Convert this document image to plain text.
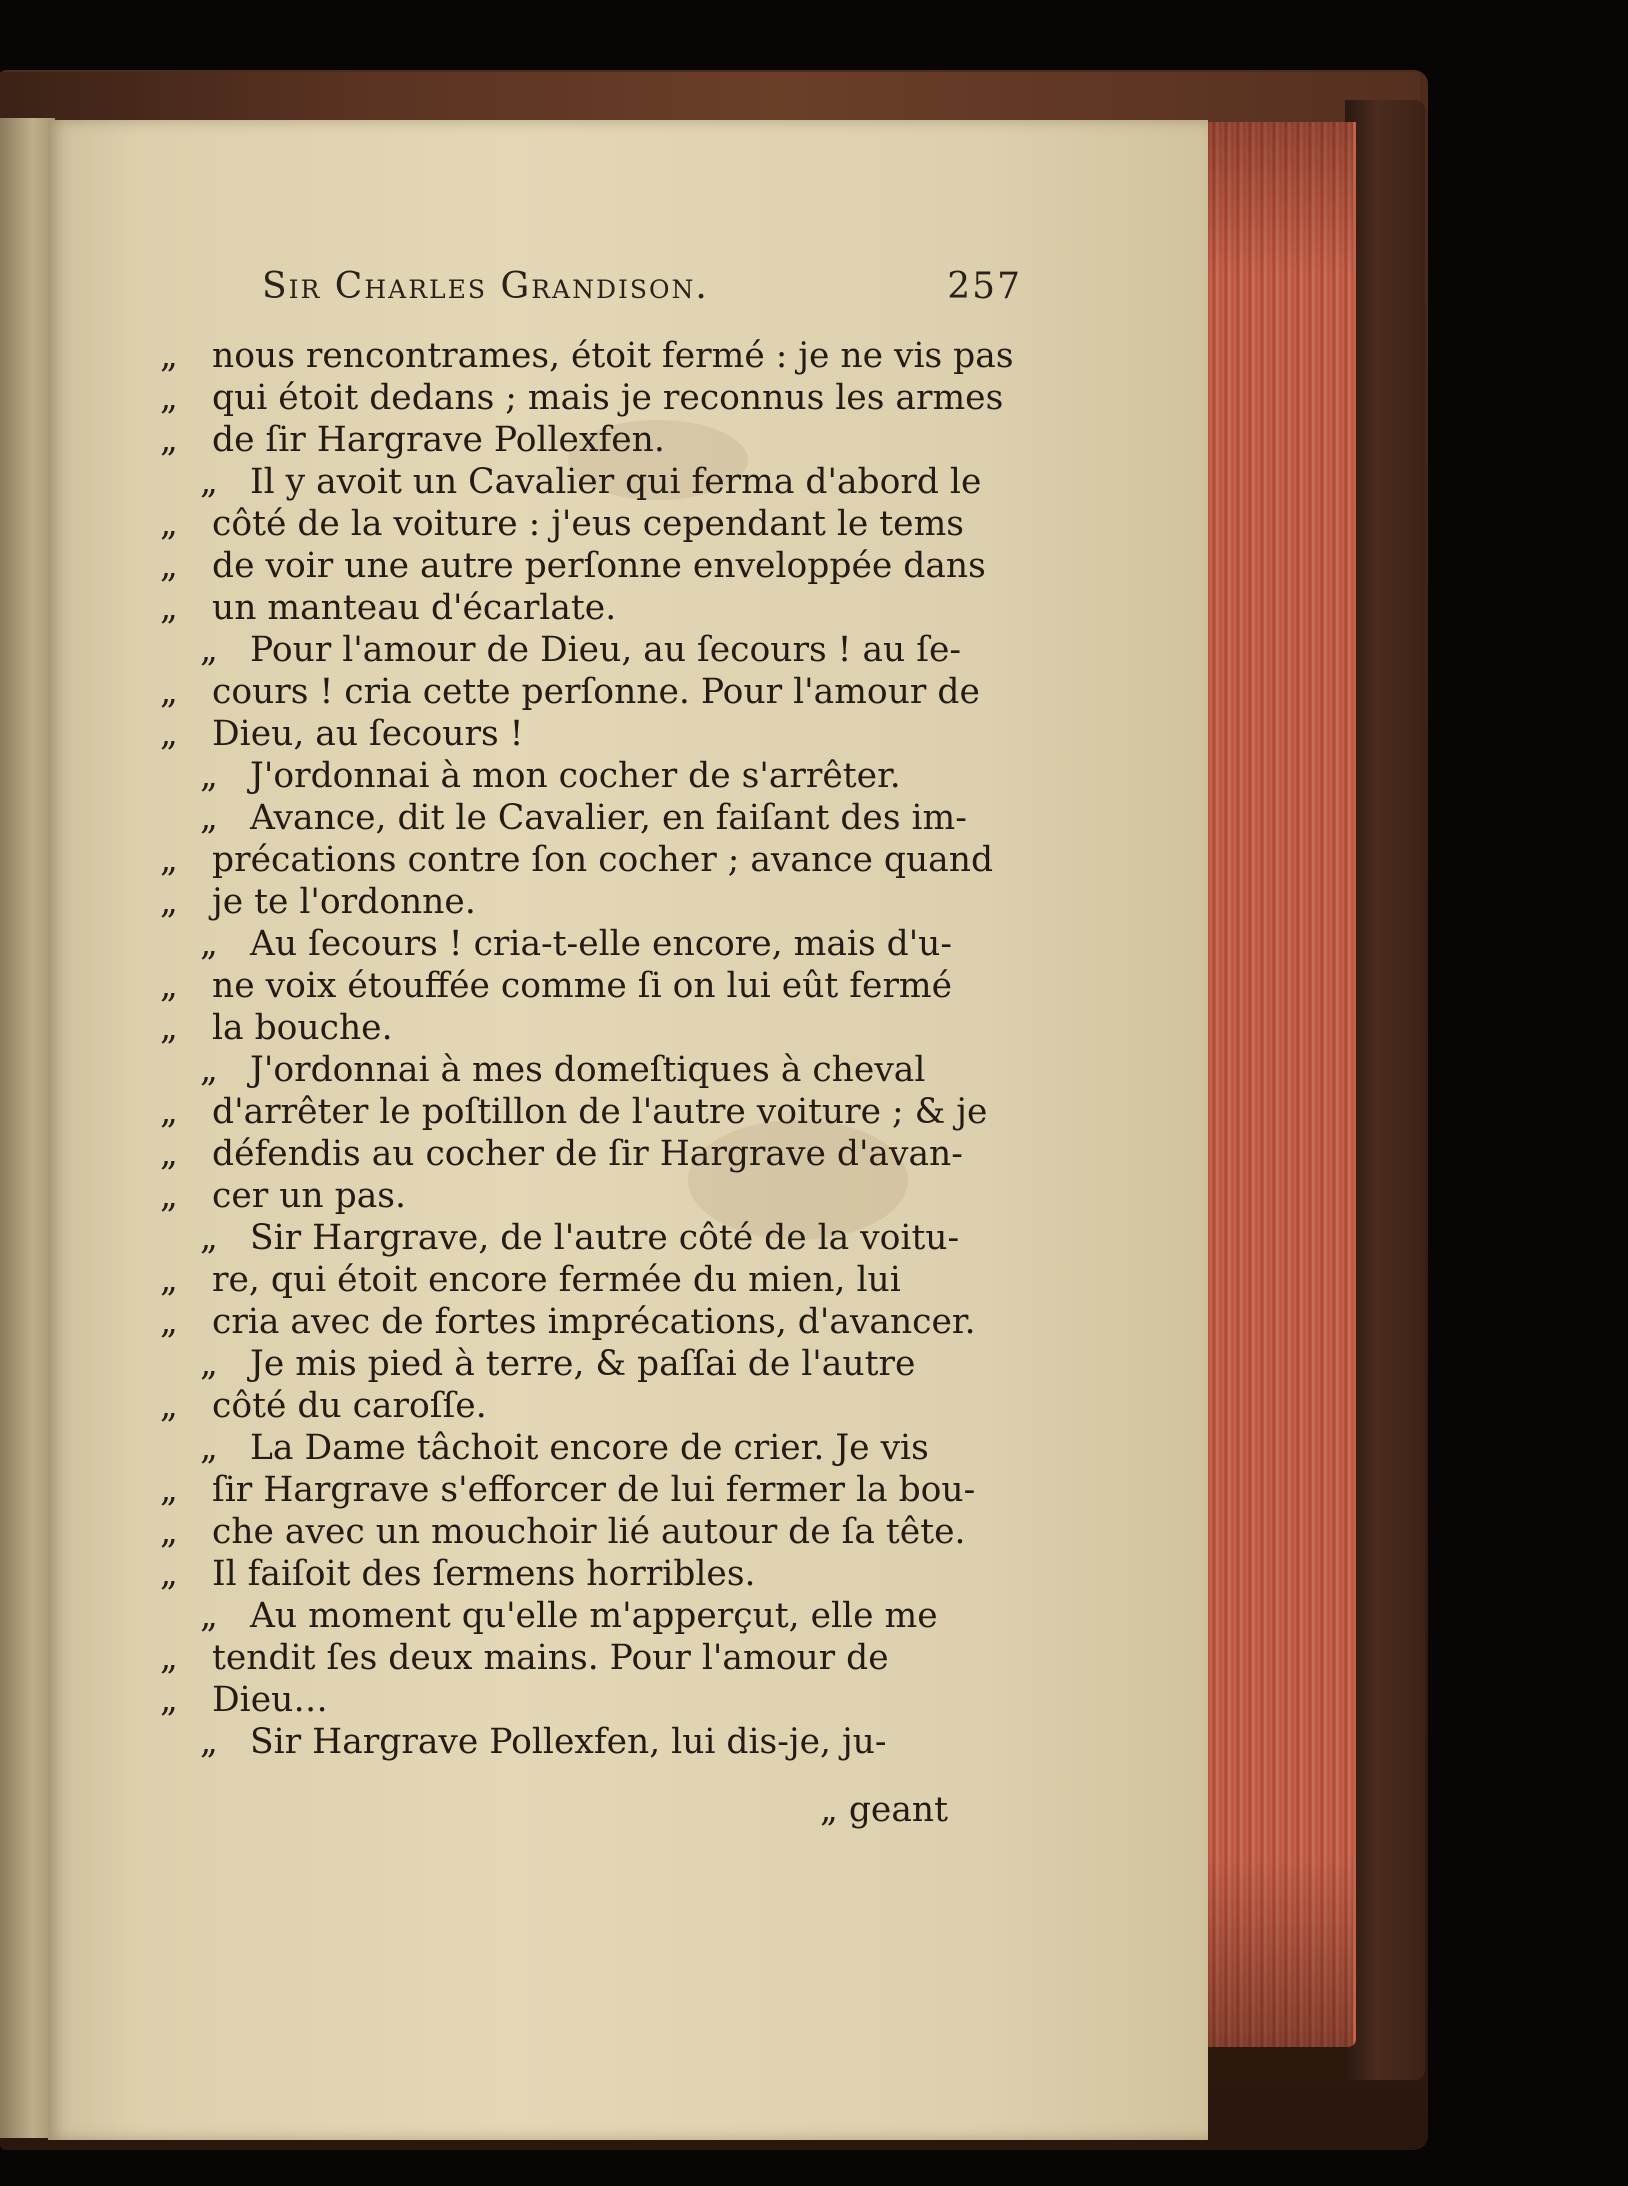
Sir Charles Grandison.	257
„ nous rencontrames, étoit fermé : je ne vis pas
„ qui étoit dedans ; mais je reconnus les armes
„ de ſir Hargrave Pollexfen.
„ Il y avoit un Cavalier qui ferma d'abord le
„ côté de la voiture : j'eus cependant le tems
„ de voir une autre perſonne enveloppée dans
„ un manteau d'écarlate.
„ Pour l'amour de Dieu, au ſecours ! au ſe-
„ cours ! cria cette perſonne. Pour l'amour de
„ Dieu, au ſecours !
„ J'ordonnai à mon cocher de s'arrêter.
„ Avance, dit le Cavalier, en faiſant des im-
„ précations contre ſon cocher ; avance quand
„ je te l'ordonne.
„ Au ſecours ! cria-t-elle encore, mais d'u-
„ ne voix étouffée comme ſi on lui eût fermé
„ la bouche.
„ J'ordonnai à mes domeſtiques à cheval
„ d'arrêter le poſtillon de l'autre voiture ; & je
„ défendis au cocher de ſir Hargrave d'avan-
„ cer un pas.
„ Sir Hargrave, de l'autre côté de la voitu-
„ re, qui étoit encore fermée du mien, lui
„ cria avec de fortes imprécations, d'avancer.
„ Je mis pied à terre, & paſſai de l'autre
„ côté du caroſſe.
„ La Dame tâchoit encore de crier. Je vis
„ ſir Hargrave s'efforcer de lui fermer la bou-
„ che avec un mouchoir lié autour de ſa tête.
„ Il faiſoit des ſermens horribles.
„ Au moment qu'elle m'apperçut, elle me
„ tendit ſes deux mains. Pour l'amour de
„ Dieu…
„ Sir Hargrave Pollexfen, lui dis-je, ju-
„ geant
